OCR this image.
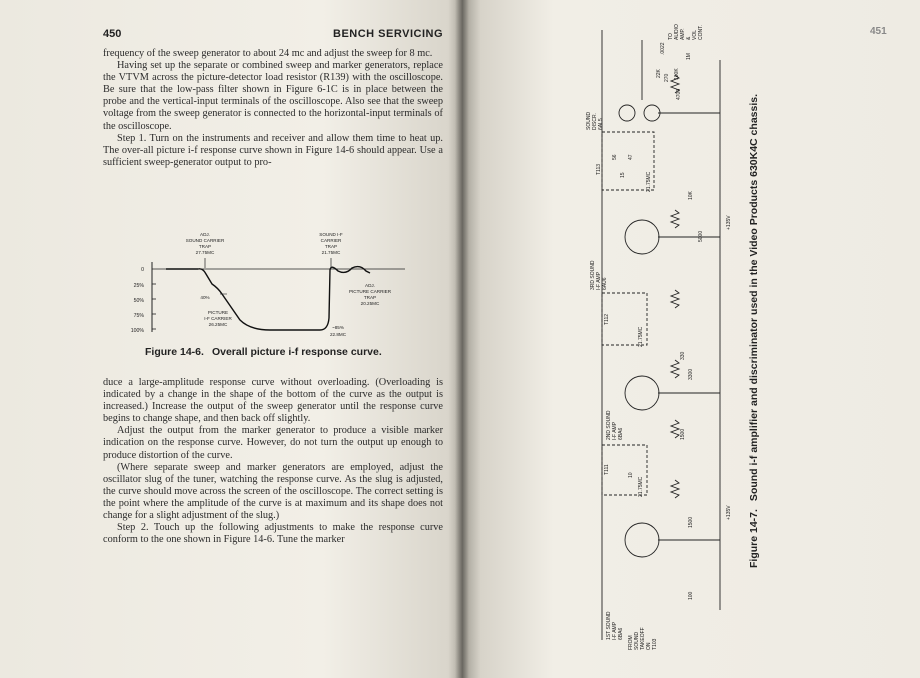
450	BENCH SERVICING

frequency of the sweep generator to about 24 mc and adjust the sweep for 8 mc.

Having set up the separate or combined sweep and marker generators, replace the VTVM across the picture-detector load resistor (R139) with the oscilloscope. Be sure that the low-pass filter shown in Figure 6-1C is in place between the probe and the vertical-input terminals of the oscilloscope. Also see that the sweep voltage from the sweep generator is connected to the horizontal-input terminals of the oscilloscope.

Step 1. Turn on the instruments and receiver and allow them time to heat up. The over-all picture i-f response curve shown in Figure 14-6 should appear. Use a sufficient sweep-generator output to pro-

0
25%
50%
75%
100%
ADJ.
SOUND CARRIER
TRAP
27.75MC
SOUND I-F
CARRIER
TRAP
21.75MC
ADJ.
PICTURE CARRIER
TRAP
20.25MC
40%
PICTURE
I-F CARRIER
26.25MC
~85%
22.8MC
Figure 14-6. Overall picture i-f response curve.

duce a large-amplitude response curve without overloading. (Overloading is indicated by a change in the shape of the bottom of the curve as the output is increased.) Increase the output of the sweep generator until the response curve begins to change shape, and then back off slightly.

Adjust the output from the marker generator to produce a visible marker indication on the response curve. However, do not turn the output up enough to produce distortion of the curve.

(Where separate sweep and marker generators are employed, adjust the oscillator slug of the tuner, watching the response curve. As the slug is adjusted, the curve should move across the screen of the oscilloscope. The correct setting is the point where the amplitude of the curve is at maximum and its shape does not change for a slight adjustment of the slug.)

Step 2. Touch up the following adjustments to make the response curve conform to the one shown in Figure 14-6. Tune the marker

1ST SOUND I-F AMP 6BA6
2ND SOUND I-F AMP 6BA6
3RD SOUND I-F AMP 6AU6
SOUND DISCR. 6AL5
T111
T112
T113
FROM SOUND TAKEOFF ON T103
TO AUDIO AMP. & VOL CONT.
+135V
+135V
21.75MC
21.75MC
21.75MC
100
1500
1500
330
10K
5000
4700
22K
1M
.0022
270
10
56
15
100K
3300
47
Figure 14-7.Sound i-f amplifier and discriminator used in the Video Products 630K4C chassis.
451
